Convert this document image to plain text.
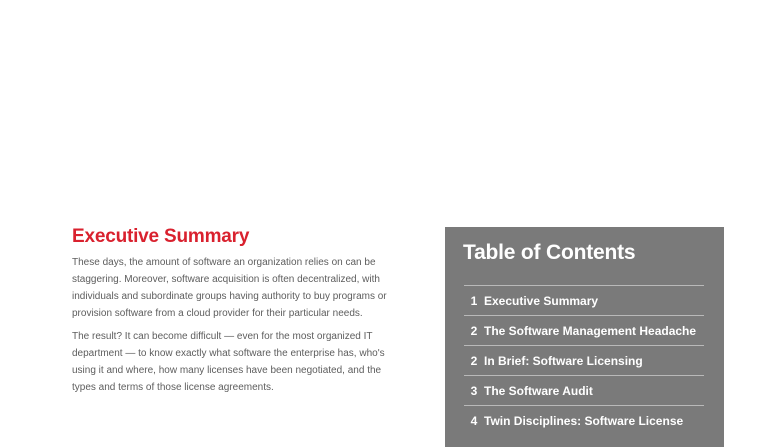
Executive Summary

These days, the amount of software an organization relies on can be staggering. Moreover, software acquisition is often decentralized, with individuals and subordinate groups having authority to buy programs or provision software from a cloud provider for their particular needs.

The result? It can become difficult — even for the most organized IT department — to know exactly what software the enterprise has, who's using it and where, how many licenses have been negotiated, and the types and terms of those license agreements.

Table of Contents
1 Executive Summary
2 The Software Management Headache
2 In Brief: Software Licensing
3 The Software Audit
4 Twin Disciplines: Software License
